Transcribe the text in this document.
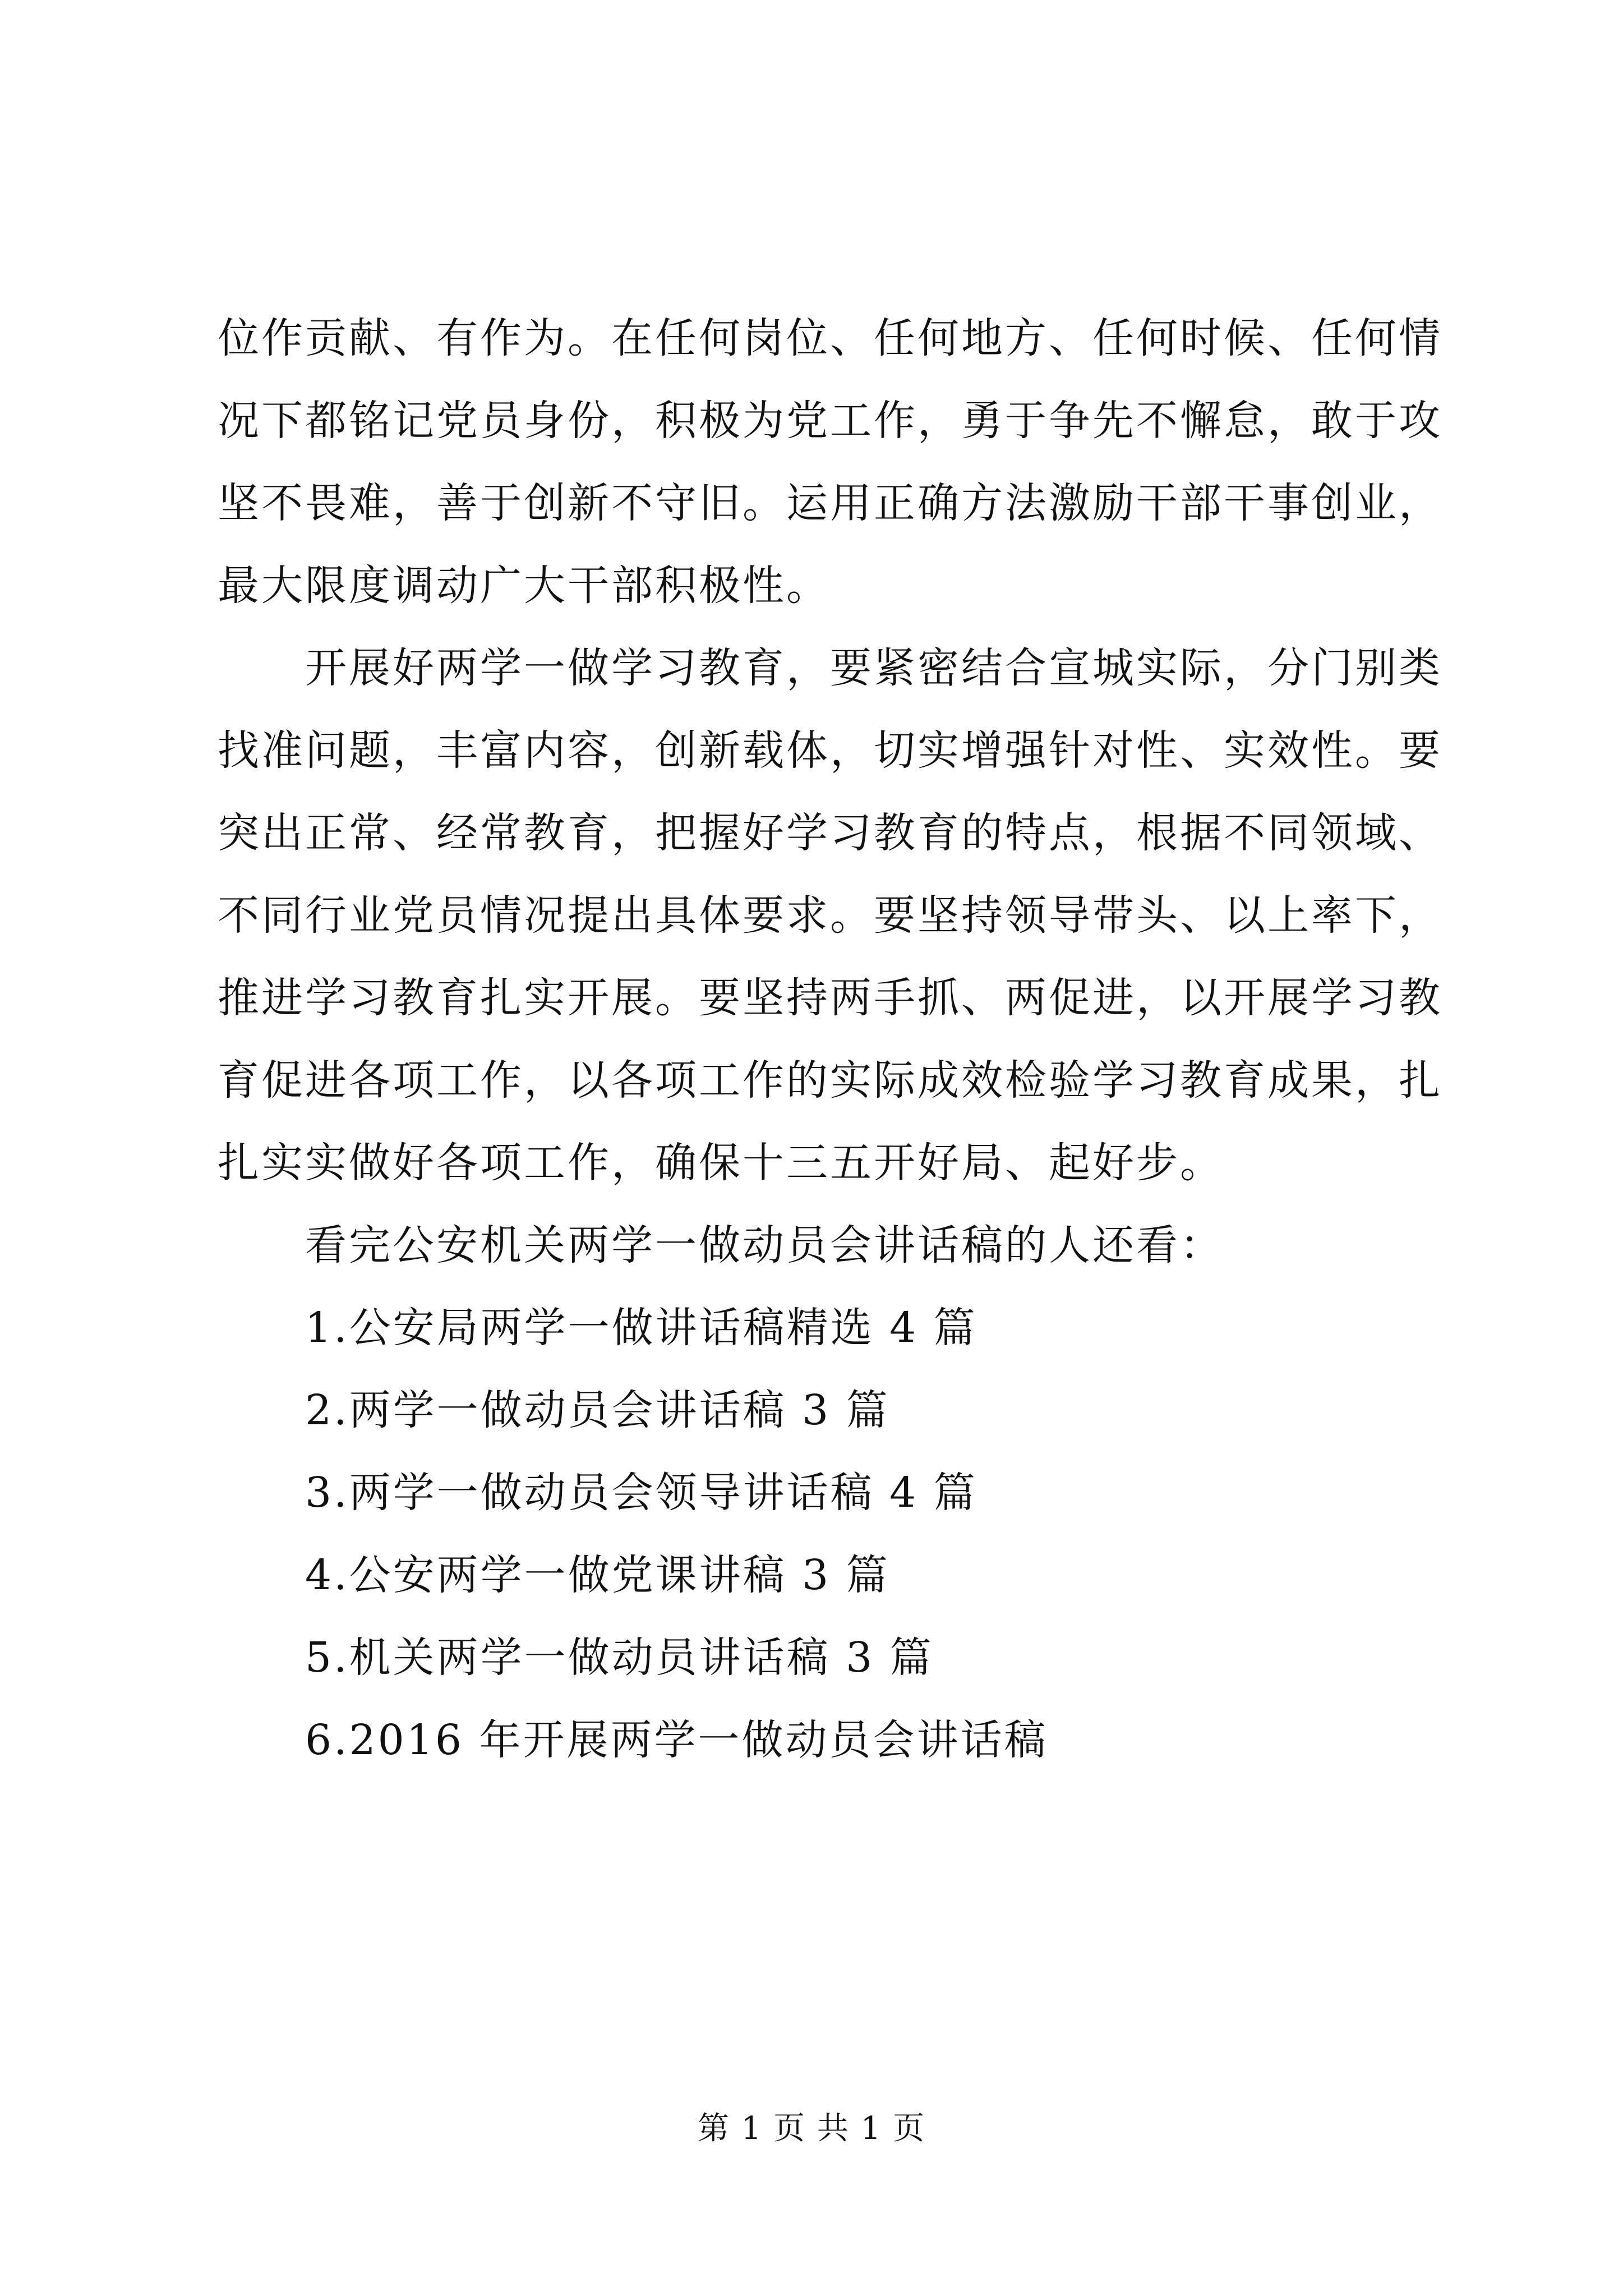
位作贡献、有作为。在任何岗位、任何地方、任何时候、任何情况下都铭记党员身份，积极为党工作，勇于争先不懈怠，敢于攻坚不畏难，善于创新不守旧。运用正确方法激励干部干事创业，最大限度调动广大干部积极性。

开展好两学一做学习教育，要紧密结合宣城实际，分门别类找准问题，丰富内容，创新载体，切实增强针对性、实效性。要突出正常、经常教育，把握好学习教育的特点，根据不同领域、不同行业党员情况提出具体要求。要坚持领导带头、以上率下，推进学习教育扎实开展。要坚持两手抓、两促进，以开展学习教育促进各项工作，以各项工作的实际成效检验学习教育成果，扎扎实实做好各项工作，确保十三五开好局、起好步。

看完公安机关两学一做动员会讲话稿的人还看：

1.公安局两学一做讲话稿精选 4 篇
2.两学一做动员会讲话稿 3 篇
3.两学一做动员会领导讲话稿 4 篇
4.公安两学一做党课讲稿 3 篇
5.机关两学一做动员讲话稿 3 篇
6.2016 年开展两学一做动员会讲话稿
第 1 页 共 1 页
